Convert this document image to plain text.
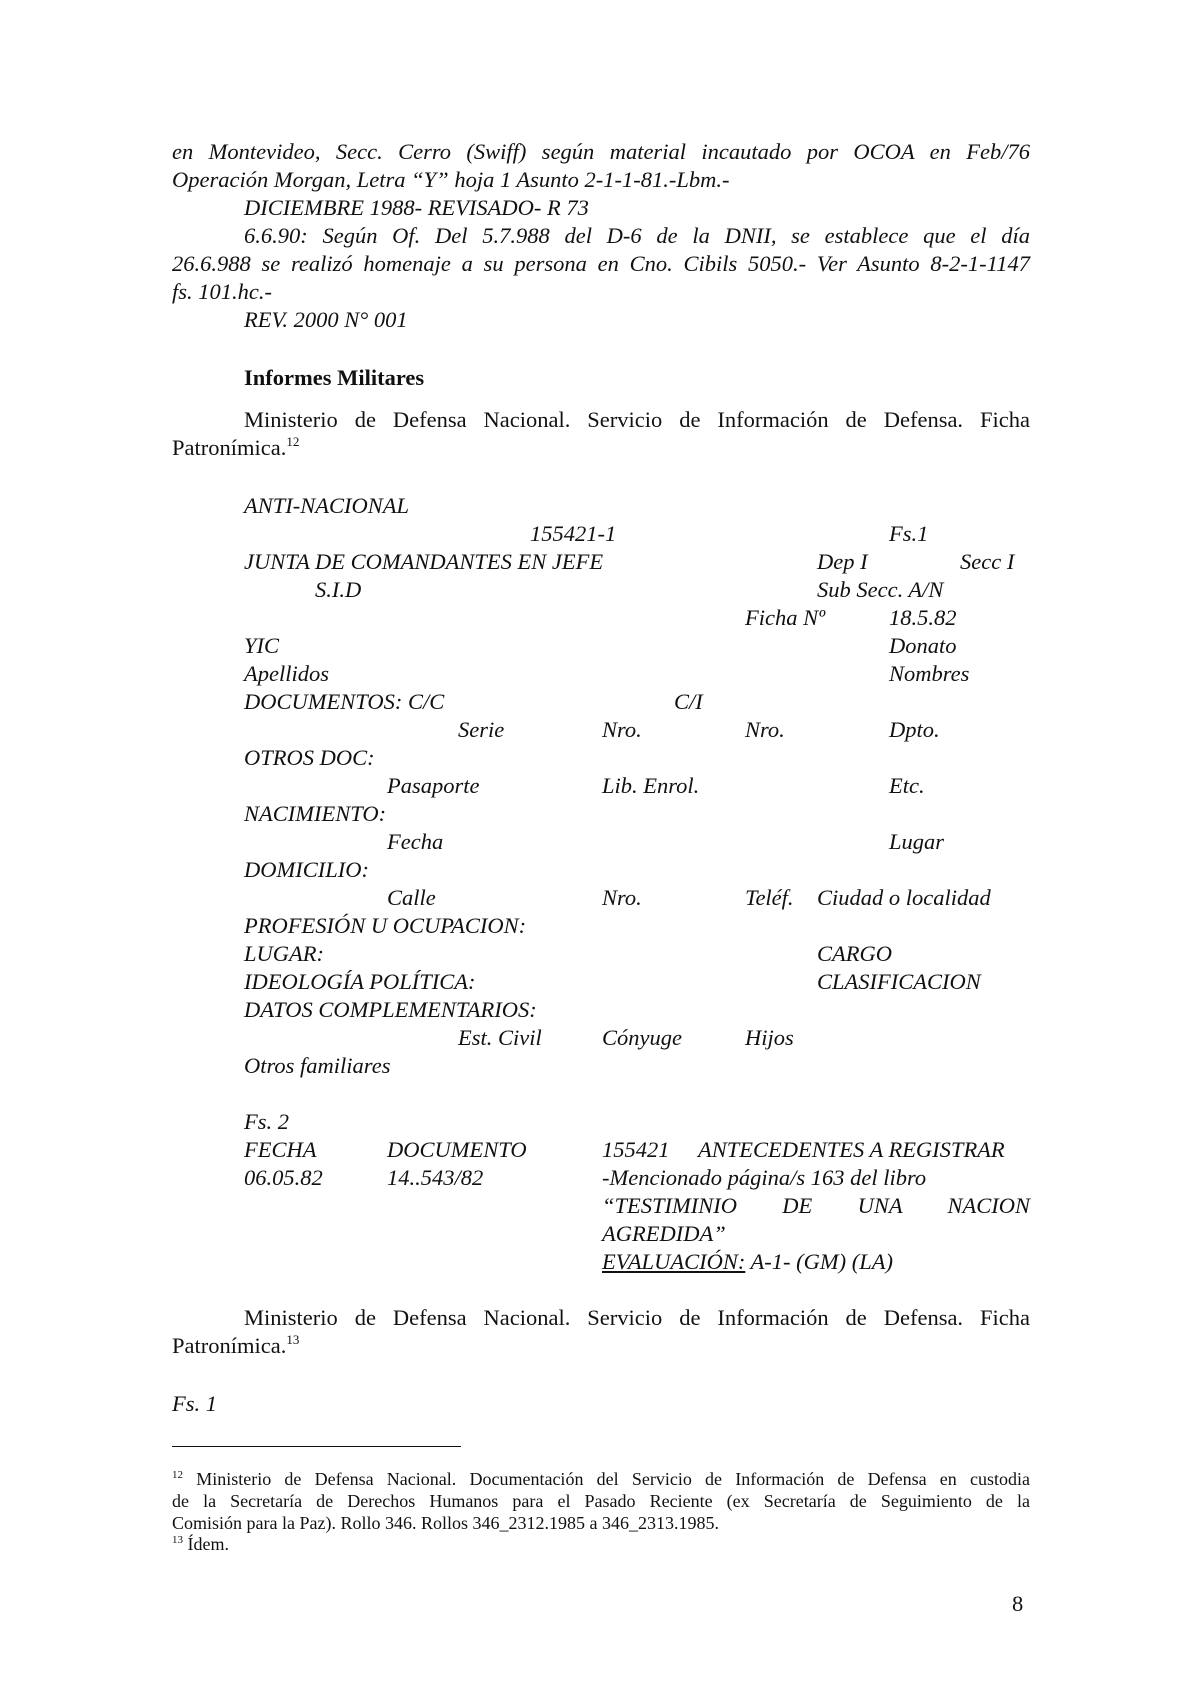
en Montevideo, Secc. Cerro (Swiff) según material incautado por OCOA en Feb/76
Operación Morgan, Letra “Y” hoja 1 Asunto 2-1-1-81.-Lbm.-
DICIEMBRE 1988- REVISADO- R 73
6.6.90: Según Of. Del 5.7.988 del D-6 de la DNII, se establece que el día
26.6.988 se realizó homenaje a su persona en Cno. Cibils 5050.- Ver Asunto 8-2-1-1147
fs. 101.hc.-
REV. 2000 N° 001
Informes Militares
Ministerio de Defensa Nacional. Servicio de Información de Defensa. Ficha
Patronímica.$^{12}$
ANTI-NACIONAL
155421-1	Fs.1
JUNTA DE COMANDANTES EN JEFE	Dep I	Secc I
S.I.D	Sub Secc. A/N
Ficha Nº	18.5.82
YIC	Donato
Apellidos	Nombres
DOCUMENTOS: C/C	C/I
Serie	Nro.	Nro.	Dpto.
OTROS DOC:
Pasaporte	Lib. Enrol.	Etc.
NACIMIENTO:
Fecha	Lugar
DOMICILIO:
Calle	Nro.	Teléf. Ciudad o localidad
PROFESIÓN U OCUPACION:
LUGAR:	CARGO
IDEOLOGÍA POLÍTICA:	CLASIFICACION
DATOS COMPLEMENTARIOS:
Est. Civil	Cónyuge	Hijos
Otros familiares
Fs. 2
FECHA	DOCUMENTO	155421 ANTECEDENTES A REGISTRAR
06.05.82	14..543/82	-Mencionado página/s 163 del libro
“TESTIMINIO DE UNA NACION
AGREDIDA”
EVALUACIÓN: A-1- (GM) (LA)
Ministerio de Defensa Nacional. Servicio de Información de Defensa. Ficha
Patronímica.$^{13}$
Fs. 1
$^{12}$ Ministerio de Defensa Nacional. Documentación del Servicio de Información de Defensa en custodia
de la Secretaría de Derechos Humanos para el Pasado Reciente (ex Secretaría de Seguimiento de la
Comisión para la Paz). Rollo 346. Rollos 346_2312.1985 a 346_2313.1985.
$^{13}$ Ídem.
8
